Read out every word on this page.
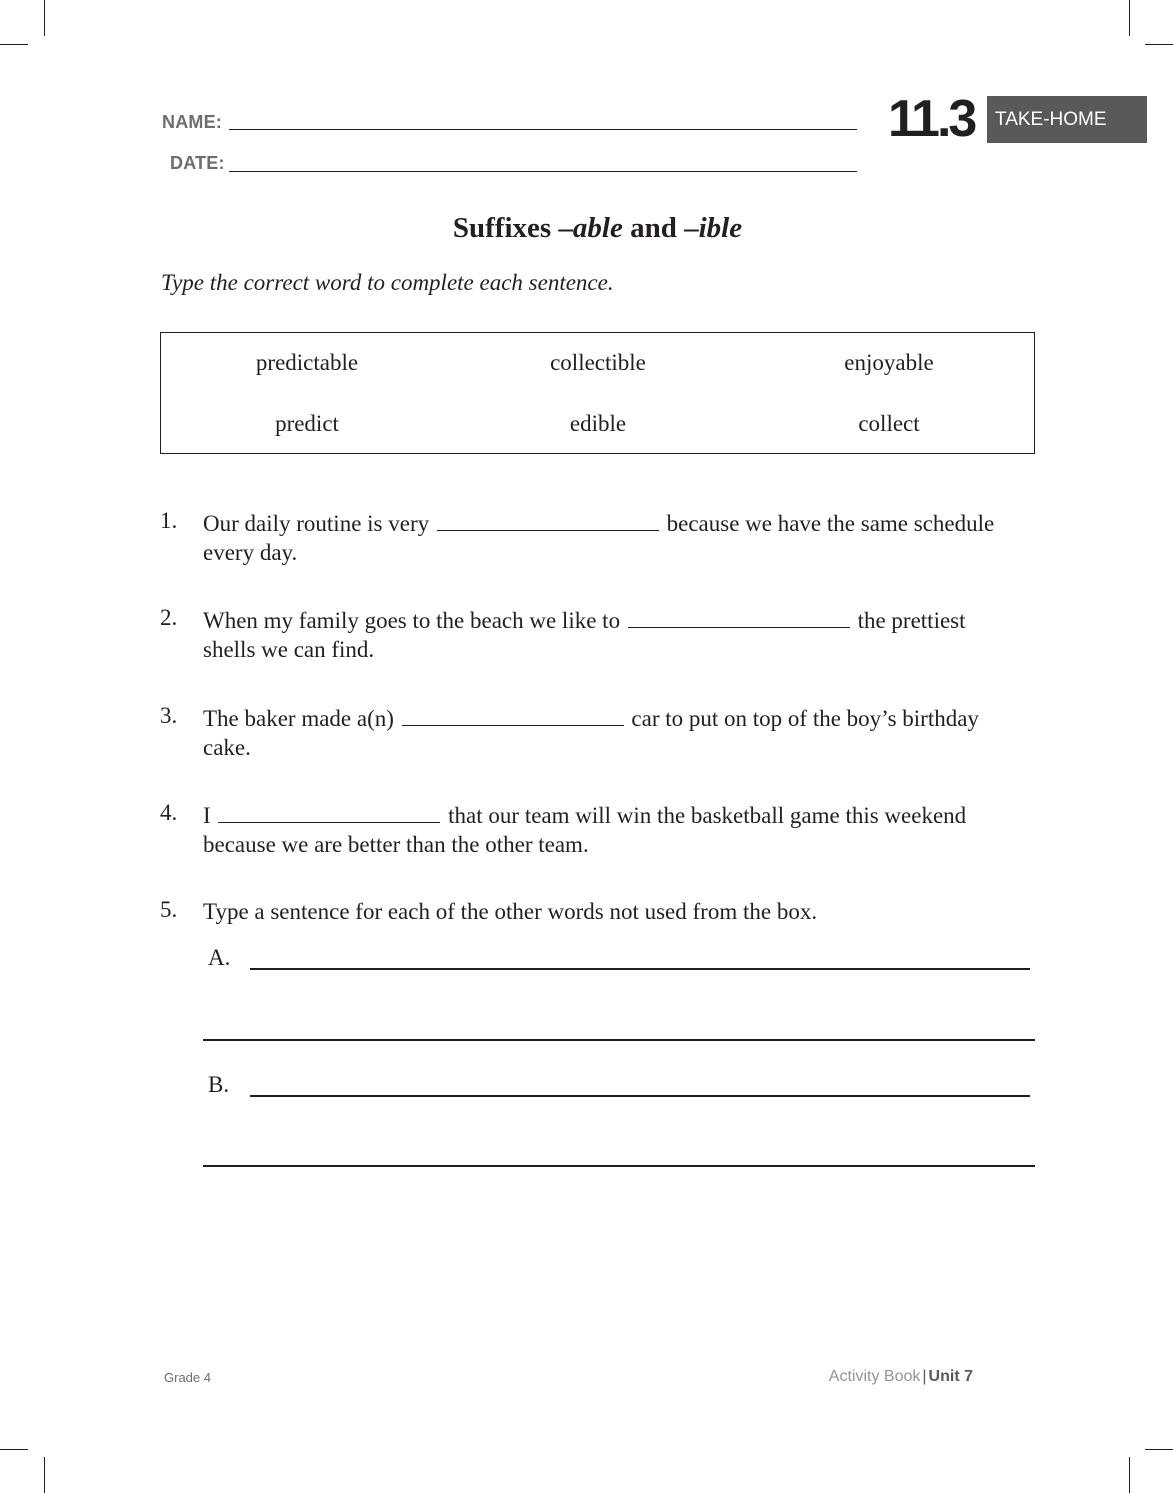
NAME:
DATE:
11.3	TAKE-HOME
Suffixes –able and –ible
Type the correct word to complete each sentence.
predictable	collectible	enjoyable
predict	edible	collect
1. Our daily routine is very	because we have the same schedule every day.
2. When my family goes to the beach we like to	the prettiest shells we can find.
3. The baker made a(n)	car to put on top of the boy’s birthday cake.
4. I	that our team will win the basketball game this weekend because we are better than the other team.
5. Type a sentence for each of the other words not used from the box.
A.
B.
Grade 4	Activity Book | Unit 7
